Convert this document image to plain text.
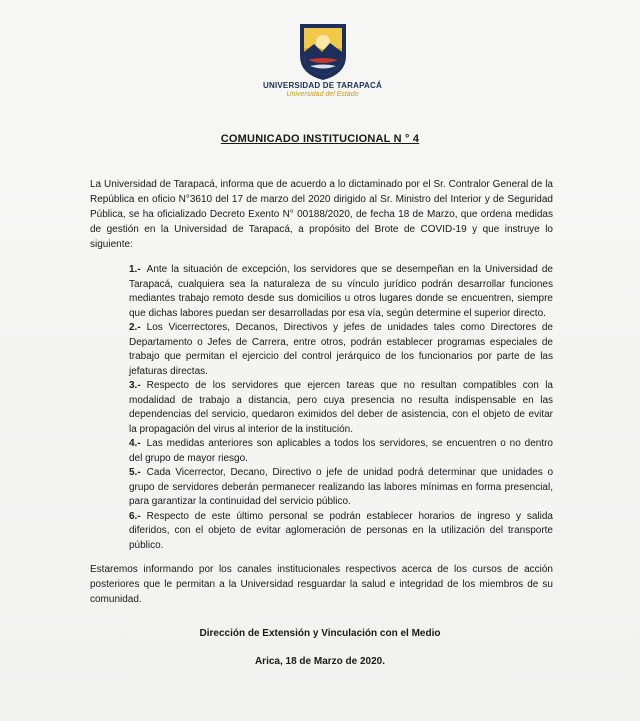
UNIVERSIDAD DE TARAPACÁ
Universidad del Estado
COMUNICADO INSTITUCIONAL N ° 4

La Universidad de Tarapacá, informa que de acuerdo a lo dictaminado por el Sr. Contralor General de la República en oficio N°3610 del 17 de marzo del 2020 dirigido al Sr. Ministro del Interior y de Seguridad Pública, se ha oficializado Decreto Exento N° 00188/2020, de fecha 18 de Marzo, que ordena medidas de gestión en la Universidad de Tarapacá, a propósito del Brote de COVID-19 y que instruye lo siguiente:

1.- Ante la situación de excepción, los servidores que se desempeñan en la Universidad de Tarapacá, cualquiera sea la naturaleza de su vínculo jurídico podrán desarrollar funciones mediantes trabajo remoto desde sus domicilios u otros lugares donde se encuentren, siempre que dichas labores puedan ser desarrolladas por esa vía, según determine el superior directo.
2.- Los Vicerrectores, Decanos, Directivos y jefes de unidades tales como Directores de Departamento o Jefes de Carrera, entre otros, podrán establecer programas especiales de trabajo que permitan el ejercicio del control jerárquico de los funcionarios por parte de las jefaturas directas.
3.- Respecto de los servidores que ejercen tareas que no resultan compatibles con la modalidad de trabajo a distancia, pero cuya presencia no resulta indispensable en las dependencias del servicio, quedaron eximidos del deber de asistencia, con el objeto de evitar la propagación del virus al interior de la institución.
4.- Las medidas anteriores son aplicables a todos los servidores, se encuentren o no dentro del grupo de mayor riesgo.
5.- Cada Vicerrector, Decano, Directivo o jefe de unidad podrá determinar que unidades o grupo de servidores deberán permanecer realizando las labores mínimas en forma presencial, para garantizar la continuidad del servicio público.
6.- Respecto de este último personal se podrán establecer horarios de ingreso y salida diferidos, con el objeto de evitar aglomeración de personas en la utilización del transporte público.

Estaremos informando por los canales institucionales respectivos acerca de los cursos de acción posteriores que le permitan a la Universidad resguardar la salud e integridad de los miembros de su comunidad.

Dirección de Extensión y Vinculación con el Medio
Arica, 18 de Marzo de 2020.
